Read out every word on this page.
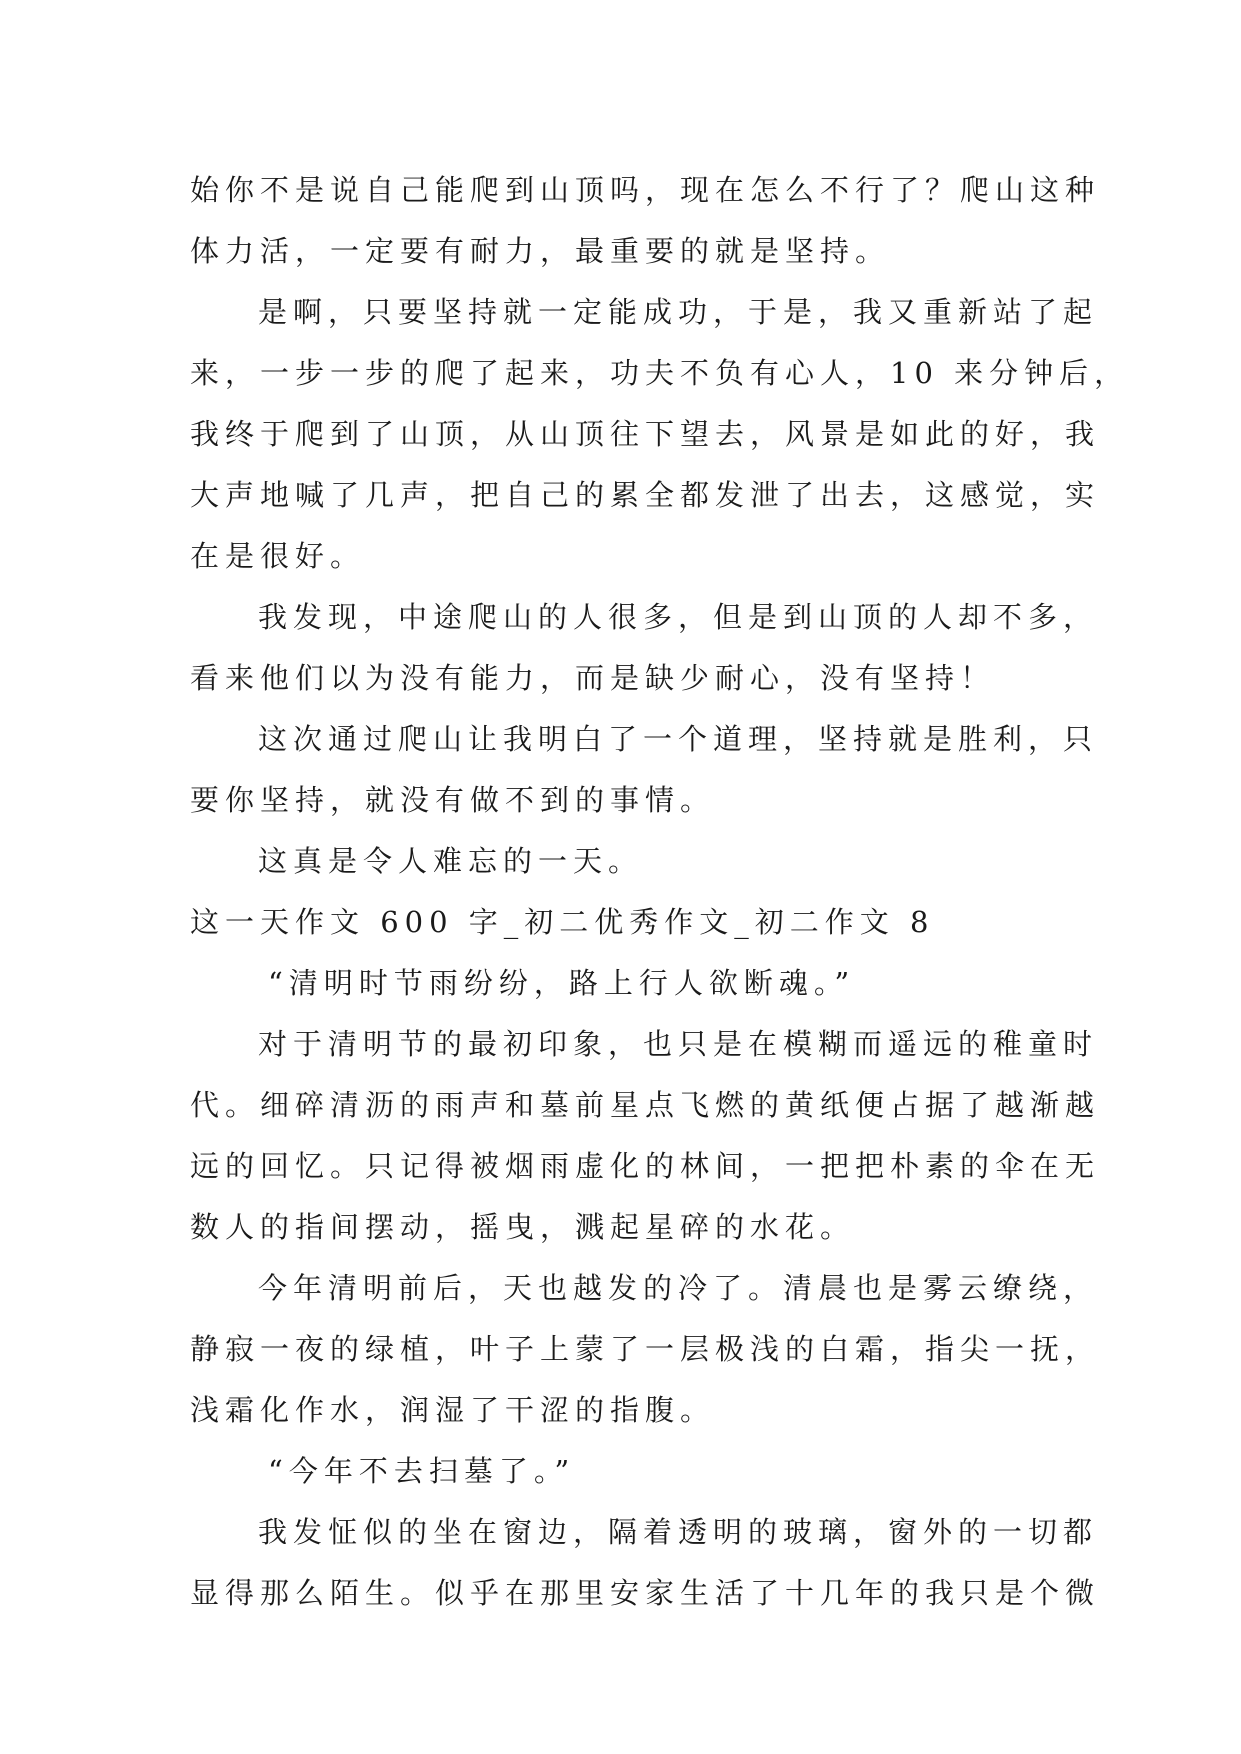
始你不是说自己能爬到山顶吗，现在怎么不行了？爬山这种
体力活，一定要有耐力，最重要的就是坚持。
是啊，只要坚持就一定能成功，于是，我又重新站了起
来，一步一步的爬了起来，功夫不负有心人，10 来分钟后，
我终于爬到了山顶，从山顶往下望去，风景是如此的好，我
大声地喊了几声，把自己的累全都发泄了出去，这感觉，实
在是很好。
我发现，中途爬山的人很多，但是到山顶的人却不多，
看来他们以为没有能力，而是缺少耐心，没有坚持！
这次通过爬山让我明白了一个道理，坚持就是胜利，只
要你坚持，就没有做不到的事情。
这真是令人难忘的一天。
这一天作文 600 字_初二优秀作文_初二作文 8
“清明时节雨纷纷，路上行人欲断魂。”
对于清明节的最初印象，也只是在模糊而遥远的稚童时
代。细碎清沥的雨声和墓前星点飞燃的黄纸便占据了越渐越
远的回忆。只记得被烟雨虚化的林间，一把把朴素的伞在无
数人的指间摆动，摇曳，溅起星碎的水花。
今年清明前后，天也越发的冷了。清晨也是雾云缭绕，
静寂一夜的绿植，叶子上蒙了一层极浅的白霜，指尖一抚，
浅霜化作水，润湿了干涩的指腹。
“今年不去扫墓了。”
我发怔似的坐在窗边，隔着透明的玻璃，窗外的一切都
显得那么陌生。似乎在那里安家生活了十几年的我只是个微
